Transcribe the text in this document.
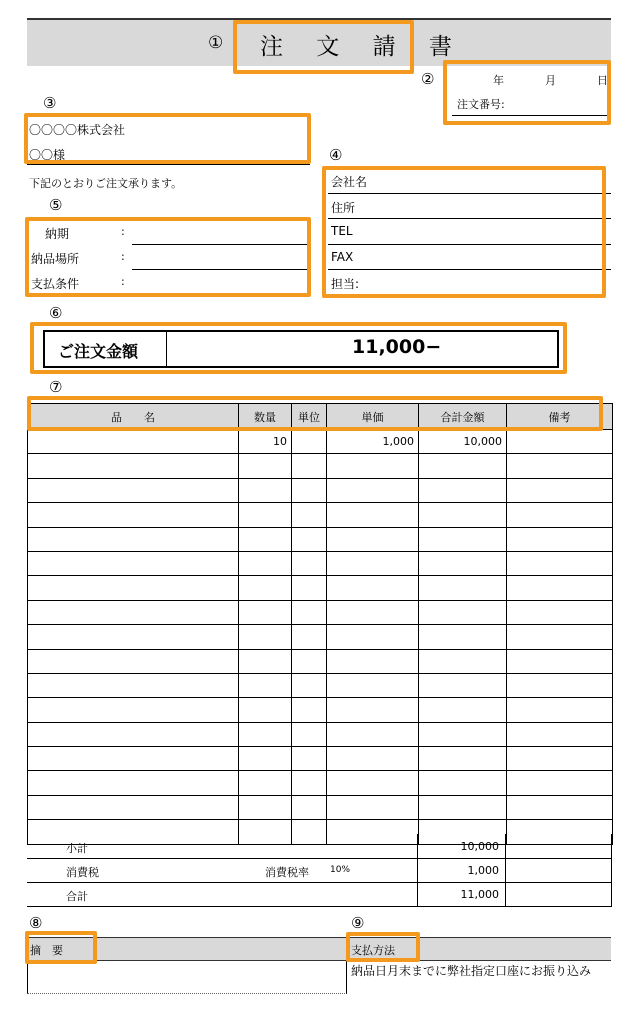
① 注 文 請 書
②	年	月	日
注文番号:
③
〇〇〇〇株式会社
〇〇様
下記のとおりご注文承ります。
⑤
納期	:
納品場所	:
支払条件	:
④
会社名
住所
TEL
FAX
担当:
⑥
ご注文金額	11,000−
⑦
品　　名	数量	単位	単価	合計金額	備考
	10		1,000	10,000	

小計	10,000
消費税	消費税率 10%	1,000
合計	11,000
⑧	⑨
摘　要	支払方法
納品日月末までに弊社指定口座にお振り込み
